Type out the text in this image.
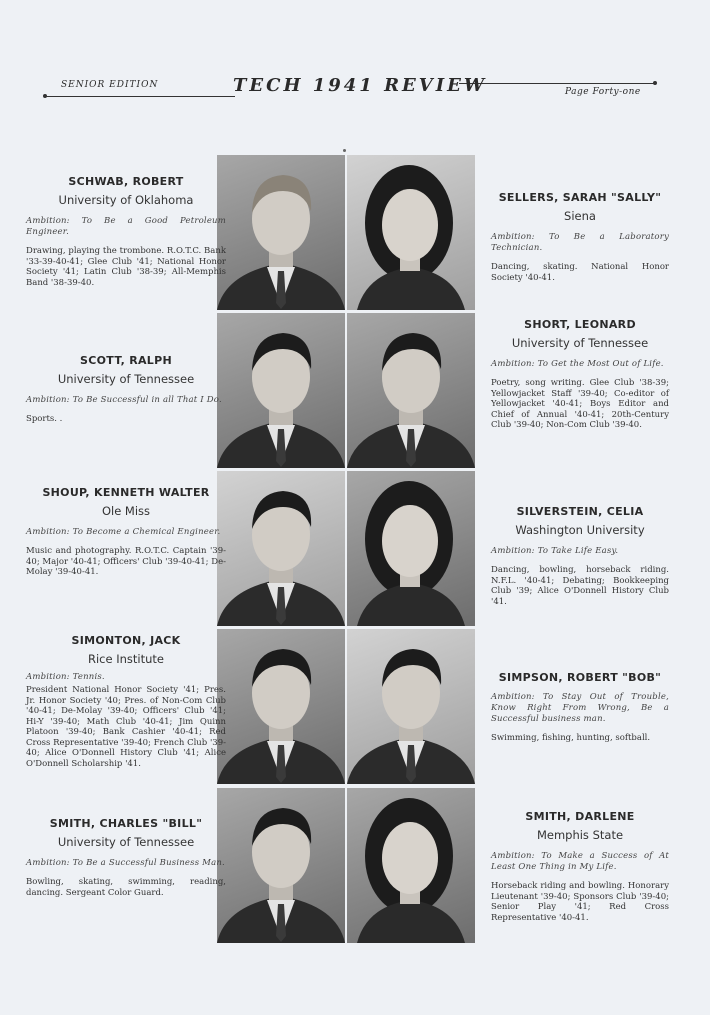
SENIOR EDITION	TECH 1941 REVIEW	Page Forty-one

SCHWAB, ROBERT

University of Oklahoma

Ambition: To Be a Good Petroleum Engineer.

Drawing, playing the trombone. R.O.T.C. Bank '33-39-40-41; Glee Club '41; National Honor Society '41; Latin Club '38-39; All-Memphis Band '38-39-40.

SCOTT, RALPH

University of Tennessee

Ambition: To Be Successful in all That I Do.

Sports. .

SHOUP, KENNETH WALTER

Ole Miss

Ambition: To Become a Chemical Engineer.

Music and photography. R.O.T.C. Captain '39-40; Major '40-41; Officers' Club '39-40-41; De-Molay '39-40-41.

SIMONTON, JACK

Rice Institute

Ambition: Tennis.

President National Honor Society '41; Pres. Jr. Honor Society '40; Pres. of Non-Com Club '40-41; De-Molay '39-40; Officers' Club '41; Hi-Y '39-40; Math Club '40-41; Jim Quinn Platoon '39-40; Bank Cashier '40-41; Red Cross Representative '39-40; French Club '39-40; Alice O'Donnell History Club '41; Alice O'Donnell Scholarship '41.

SMITH, CHARLES "BILL"

University of Tennessee

Ambition: To Be a Successful Business Man.

Bowling, skating, swimming, reading, dancing. Sergeant Color Guard.

SELLERS, SARAH "SALLY"

Siena

Ambition: To Be a Laboratory Technician.

Dancing, skating. National Honor Society '40-41.

SHORT, LEONARD

University of Tennessee

Ambition: To Get the Most Out of Life.

Poetry, song writing. Glee Club '38-39; Yellowjacket Staff '39-40; Co-editor of Yellowjacket '40-41; Boys Editor and Chief of Annual '40-41; 20th-Century Club '39-40; Non-Com Club '39-40.

SILVERSTEIN, CELIA

Washington University

Ambition: To Take Life Easy.

Dancing, bowling, horseback riding. N.F.L. '40-41; Debating; Bookkeeping Club '39; Alice O'Donnell History Club '41.

SIMPSON, ROBERT "BOB"

Ambition: To Stay Out of Trouble, Know Right From Wrong, Be a Successful business man.

Swimming, fishing, hunting, softball.

SMITH, DARLENE

Memphis State

Ambition: To Make a Success of At Least One Thing in My Life.

Horseback riding and bowling. Honorary Lieutenant '39-40; Sponsors Club '39-40; Senior Play '41; Red Cross Representative '40-41.
